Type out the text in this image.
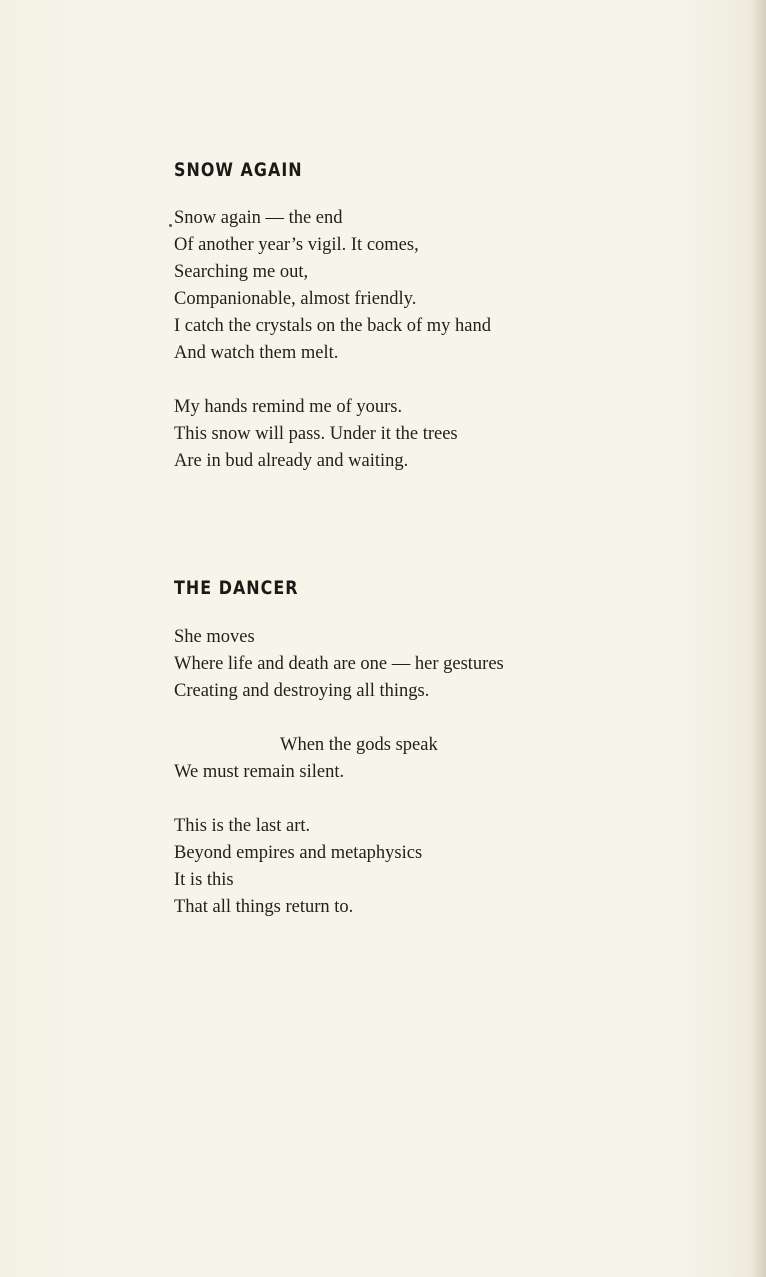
SNOW AGAIN

Snow again — the end
Of another year’s vigil. It comes,
Searching me out,
Companionable, almost friendly.
I catch the crystals on the back of my hand
And watch them melt.

My hands remind me of yours.
This snow will pass. Under it the trees
Are in bud already and waiting.

THE DANCER

She moves
Where life and death are one — her gestures
Creating and destroying all things.

When the gods speak
We must remain silent.

This is the last art.
Beyond empires and metaphysics
It is this
That all things return to.
